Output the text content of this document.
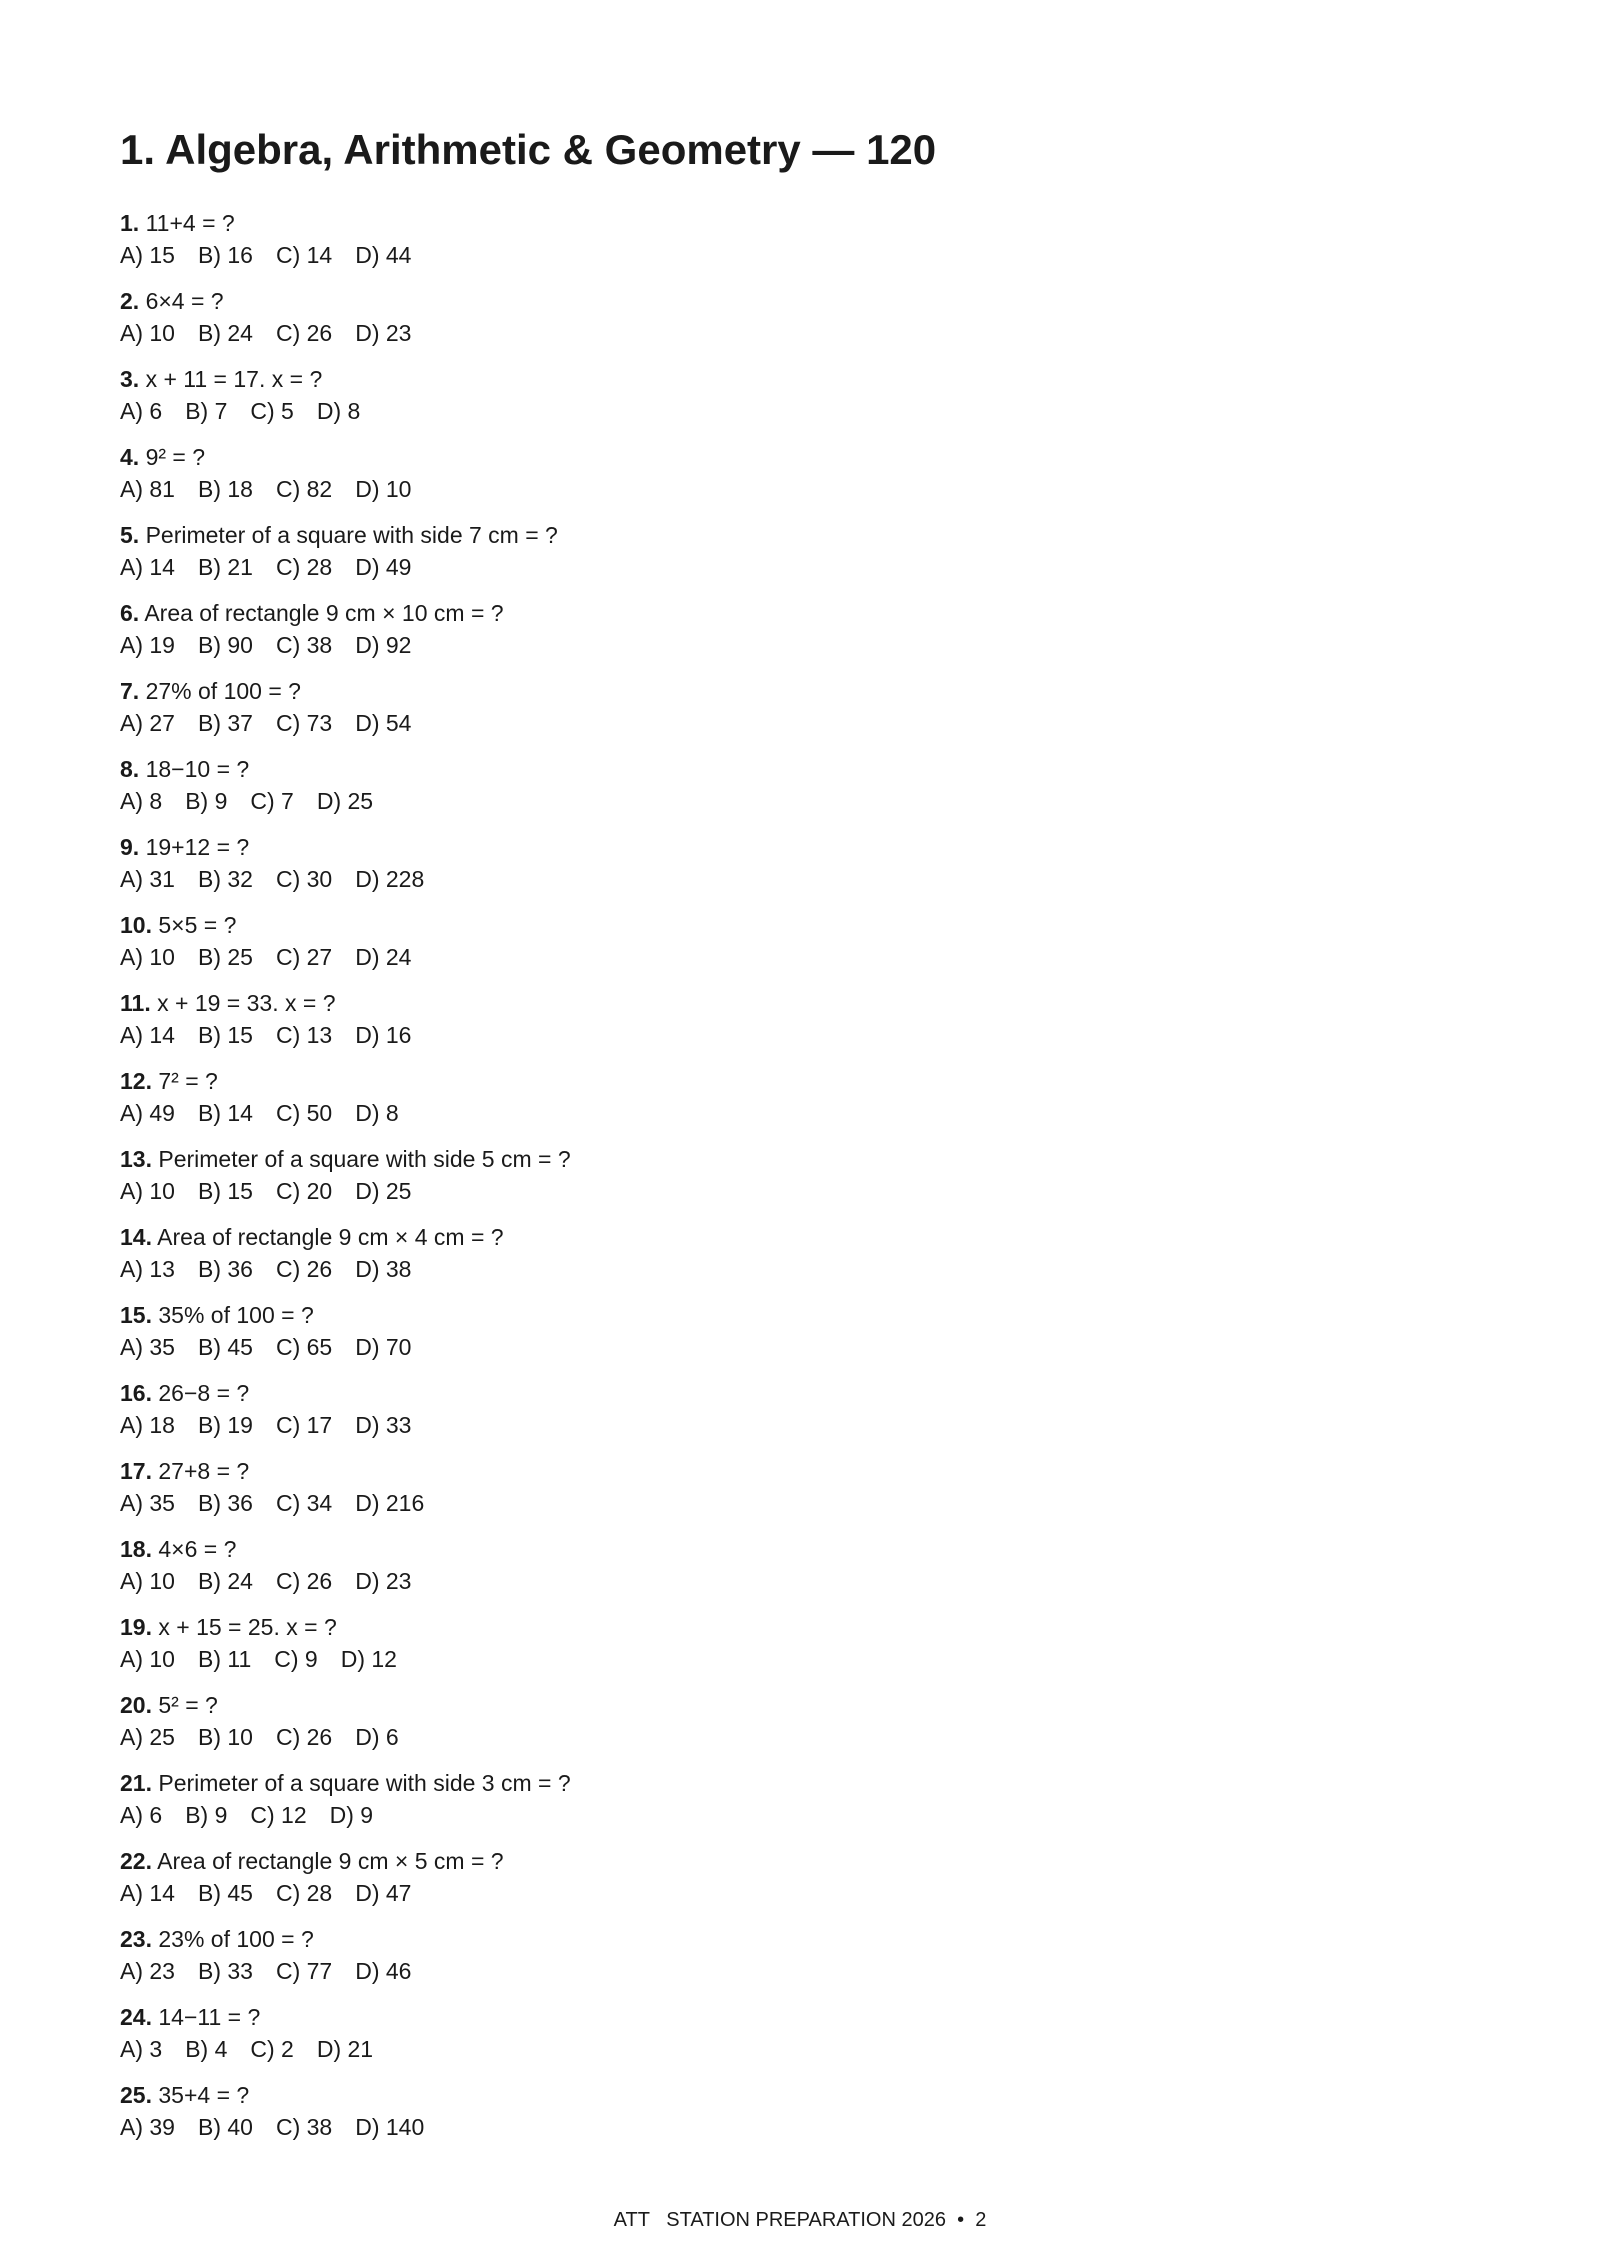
1. Algebra, Arithmetic & Geometry — 120
1. 11+4 = ?
A) 15 B) 16 C) 14 D) 44
2. 6×4 = ?
A) 10 B) 24 C) 26 D) 23
3. x + 11 = 17. x = ?
A) 6 B) 7 C) 5 D) 8
4. 9² = ?
A) 81 B) 18 C) 82 D) 10
5. Perimeter of a square with side 7 cm = ?
A) 14 B) 21 C) 28 D) 49
6. Area of rectangle 9 cm × 10 cm = ?
A) 19 B) 90 C) 38 D) 92
7. 27% of 100 = ?
A) 27 B) 37 C) 73 D) 54
8. 18−10 = ?
A) 8 B) 9 C) 7 D) 25
9. 19+12 = ?
A) 31 B) 32 C) 30 D) 228
10. 5×5 = ?
A) 10 B) 25 C) 27 D) 24
11. x + 19 = 33. x = ?
A) 14 B) 15 C) 13 D) 16
12. 7² = ?
A) 49 B) 14 C) 50 D) 8
13. Perimeter of a square with side 5 cm = ?
A) 10 B) 15 C) 20 D) 25
14. Area of rectangle 9 cm × 4 cm = ?
A) 13 B) 36 C) 26 D) 38
15. 35% of 100 = ?
A) 35 B) 45 C) 65 D) 70
16. 26−8 = ?
A) 18 B) 19 C) 17 D) 33
17. 27+8 = ?
A) 35 B) 36 C) 34 D) 216
18. 4×6 = ?
A) 10 B) 24 C) 26 D) 23
19. x + 15 = 25. x = ?
A) 10 B) 11 C) 9 D) 12
20. 5² = ?
A) 25 B) 10 C) 26 D) 6
21. Perimeter of a square with side 3 cm = ?
A) 6 B) 9 C) 12 D) 9
22. Area of rectangle 9 cm × 5 cm = ?
A) 14 B) 45 C) 28 D) 47
23. 23% of 100 = ?
A) 23 B) 33 C) 77 D) 46
24. 14−11 = ?
A) 3 B) 4 C) 2 D) 21
25. 35+4 = ?
A) 39 B) 40 C) 38 D) 140
ATT   STATION PREPARATION 2026  •  2
